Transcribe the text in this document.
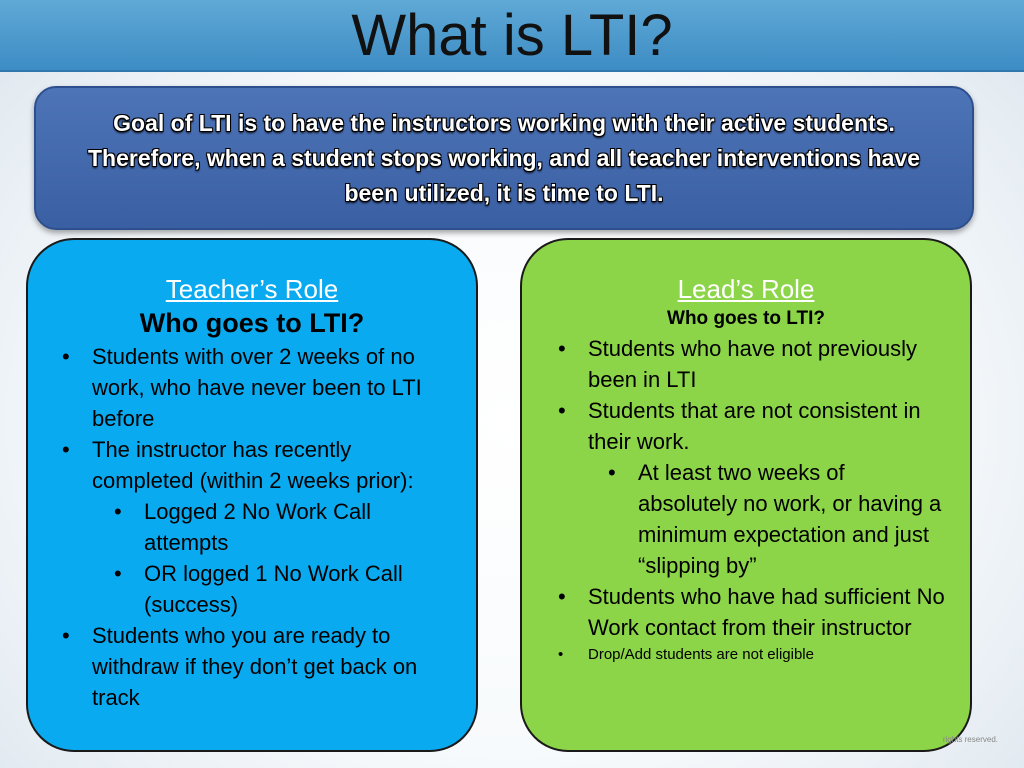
What is LTI?

Goal of LTI is to have the instructors working with their active students. Therefore, when a student stops working, and all teacher interventions have been utilized, it is time to LTI.

Teacher’s Role
Who goes to LTI?
• Students with over 2 weeks of no work, who have never been to LTI before
• The instructor has recently completed (within 2 weeks prior):
• Logged 2 No Work Call attempts
• OR logged 1 No Work Call (success)
• Students who you are ready to withdraw if they don’t get back on track
Lead’s Role
Who goes to LTI?
• Students who have not previously been in LTI
• Students that are not consistent in their work.
• At least two weeks of absolutely no work, or having a minimum expectation and just “slipping by”
• Students who have had sufficient No Work contact from their instructor
• Drop/Add students are not eligible
rights reserved.
